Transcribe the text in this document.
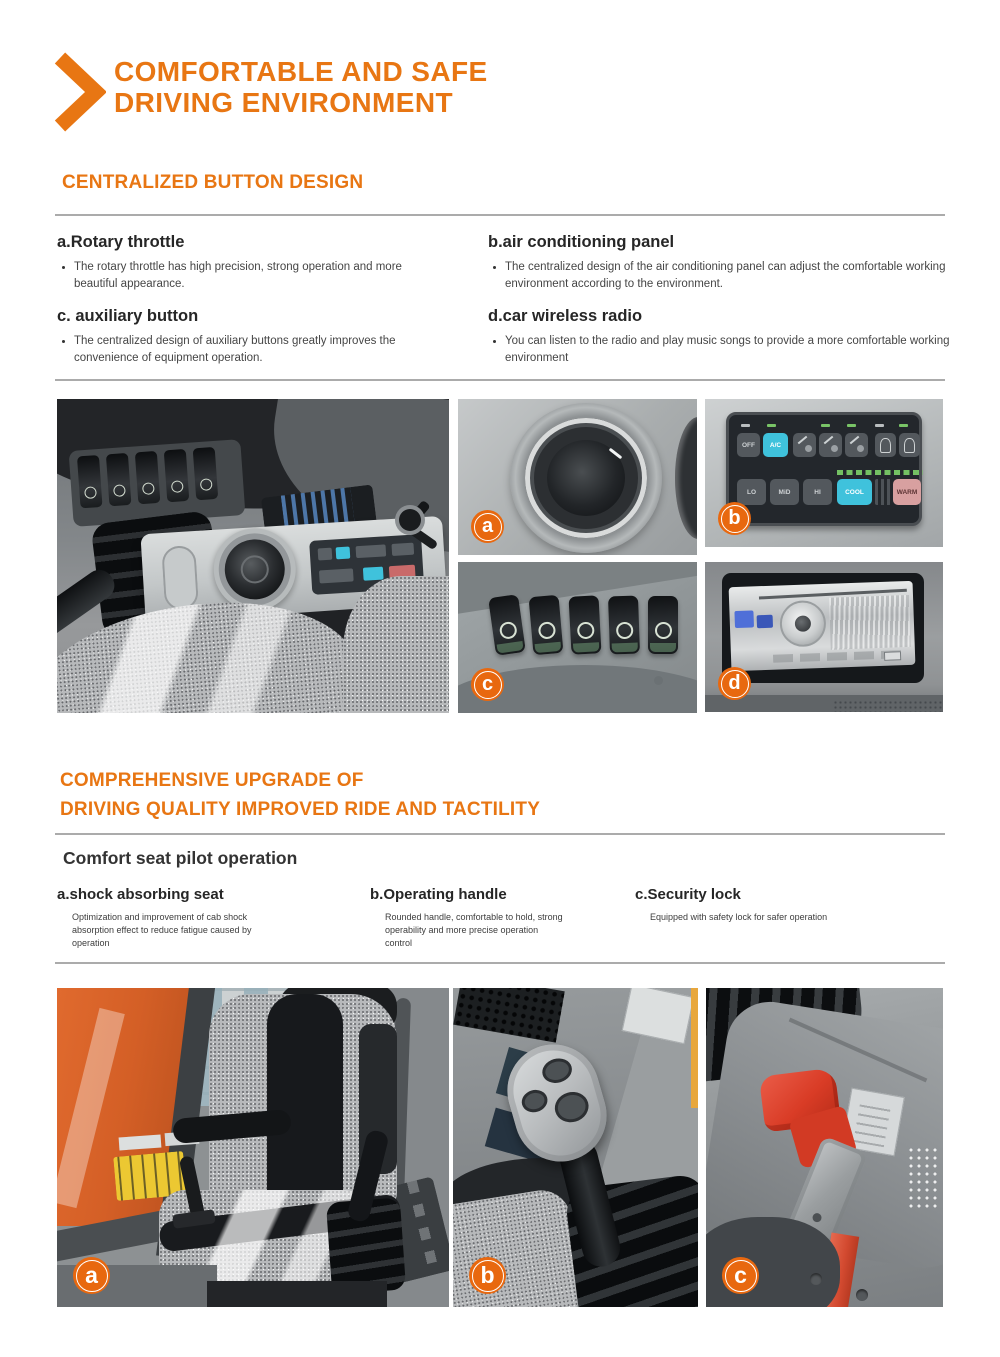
COMFORTABLE AND SAFE
DRIVING ENVIRONMENT
CENTRALIZED BUTTON DESIGN
a.Rotary throttle
• The rotary throttle has high precision, strong operation and more beautiful appearance.
b.air conditioning panel
• The centralized design of the air conditioning panel can adjust the comfortable working environment according to the environment.
c. auxiliary button
• The centralized design of auxiliary buttons greatly improves the convenience of equipment operation.
d.car wireless radio
• You can listen to the radio and play music songs to provide a more comfortable working environment
a
OFF A/C
LO	MiD	HI	COOL	WARM
b
c	d
COMPREHENSIVE UPGRADE OF
DRIVING QUALITY IMPROVED RIDE AND TACTILITY
Comfort seat pilot operation
a.shock absorbing seat

Optimization and improvement of cab shock absorption effect to reduce fatigue caused by operation

b.Operating handle

Rounded handle, comfortable to hold, strong operability and more precise operation control

c.Security lock

Equipped with safety lock for safer operation

a	b	c
